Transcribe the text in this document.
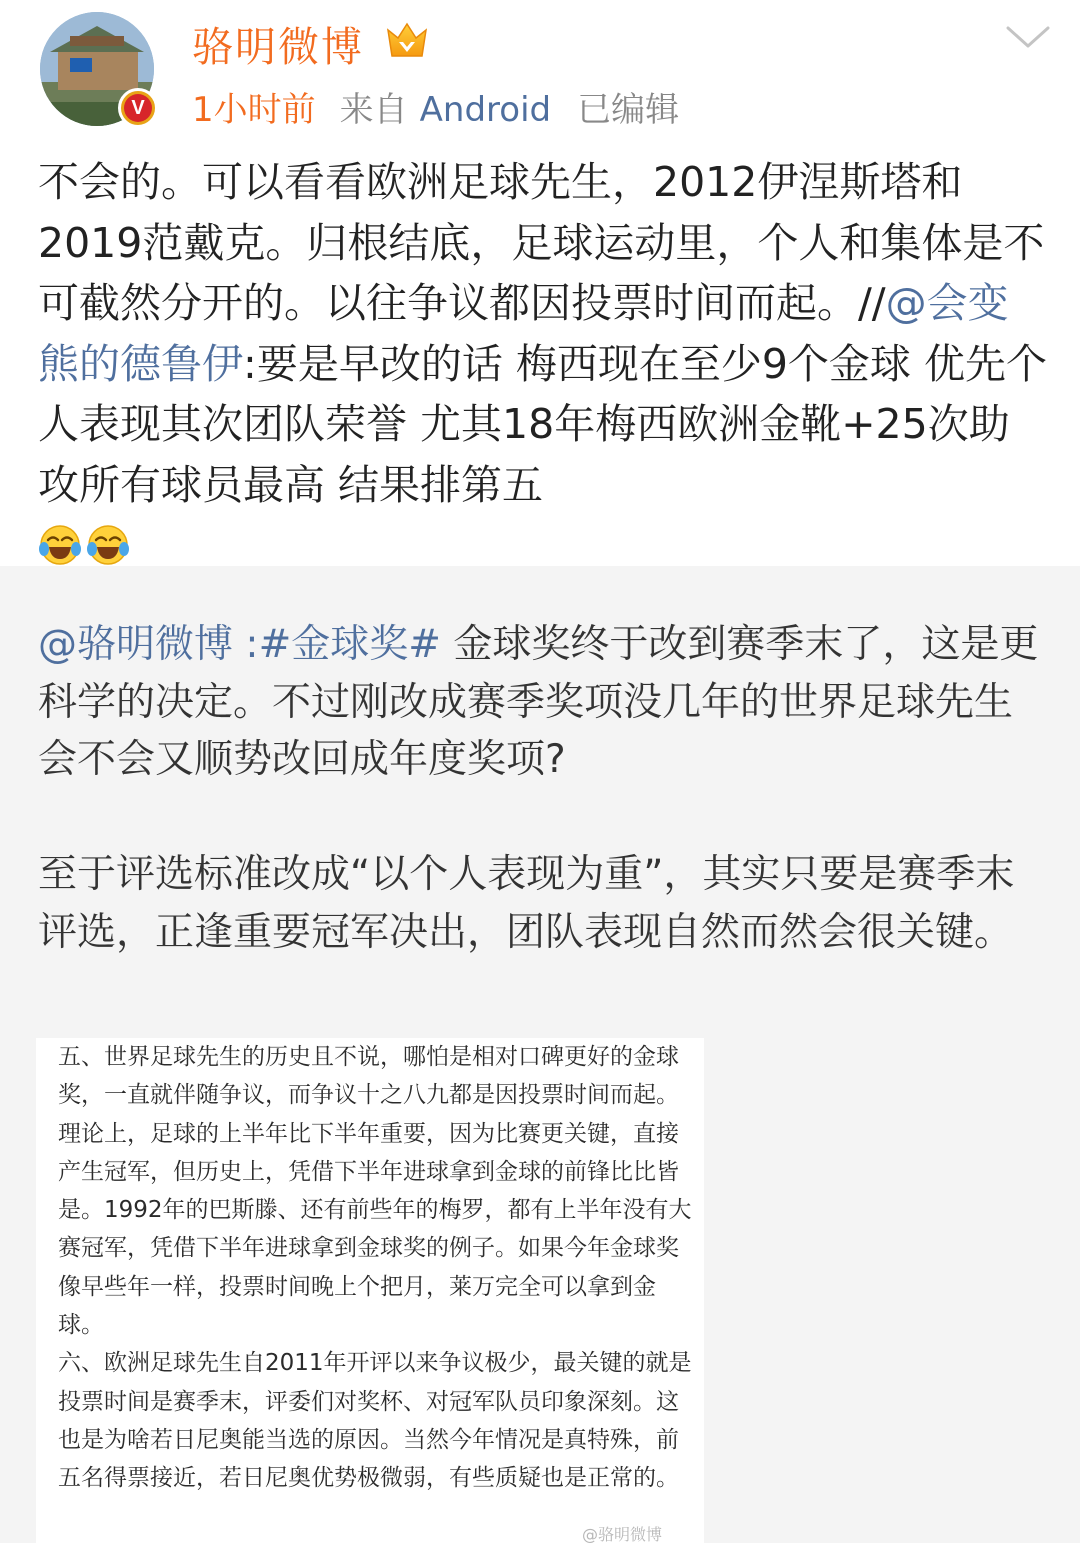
V
骆明微博
1小时前 来自 Android 已编辑
不会的。可以看看欧洲足球先生，2012伊涅斯塔和2019范戴克。归根结底，足球运动里，个人和集体是不可截然分开的。以往争议都因投票时间而起。//@会变熊的德鲁伊:要是早改的话 梅西现在至少9个金球 优先个人表现其次团队荣誉 尤其18年梅西欧洲金靴+25次助攻所有球员最高 结果排第五

@骆明微博 :#金球奖# 金球奖终于改到赛季末了，这是更科学的决定。不过刚改成赛季奖项没几年的世界足球先生会不会又顺势改回成年度奖项?

至于评选标准改成“以个人表现为重”，其实只要是赛季末评选，正逢重要冠军决出，团队表现自然而然会很关键。

五、世界足球先生的历史且不说，哪怕是相对口碑更好的金球奖，一直就伴随争议，而争议十之八九都是因投票时间而起。理论上，足球的上半年比下半年重要，因为比赛更关键，直接产生冠军，但历史上，凭借下半年进球拿到金球的前锋比比皆是。1992年的巴斯滕、还有前些年的梅罗，都有上半年没有大赛冠军，凭借下半年进球拿到金球奖的例子。如果今年金球奖像早些年一样，投票时间晚上个把月，莱万完全可以拿到金球。

六、欧洲足球先生自2011年开评以来争议极少，最关键的就是投票时间是赛季末，评委们对奖杯、对冠军队员印象深刻。这也是为啥若日尼奥能当选的原因。当然今年情况是真特殊，前五名得票接近，若日尼奥优势极微弱，有些质疑也是正常的。

@骆明微博
